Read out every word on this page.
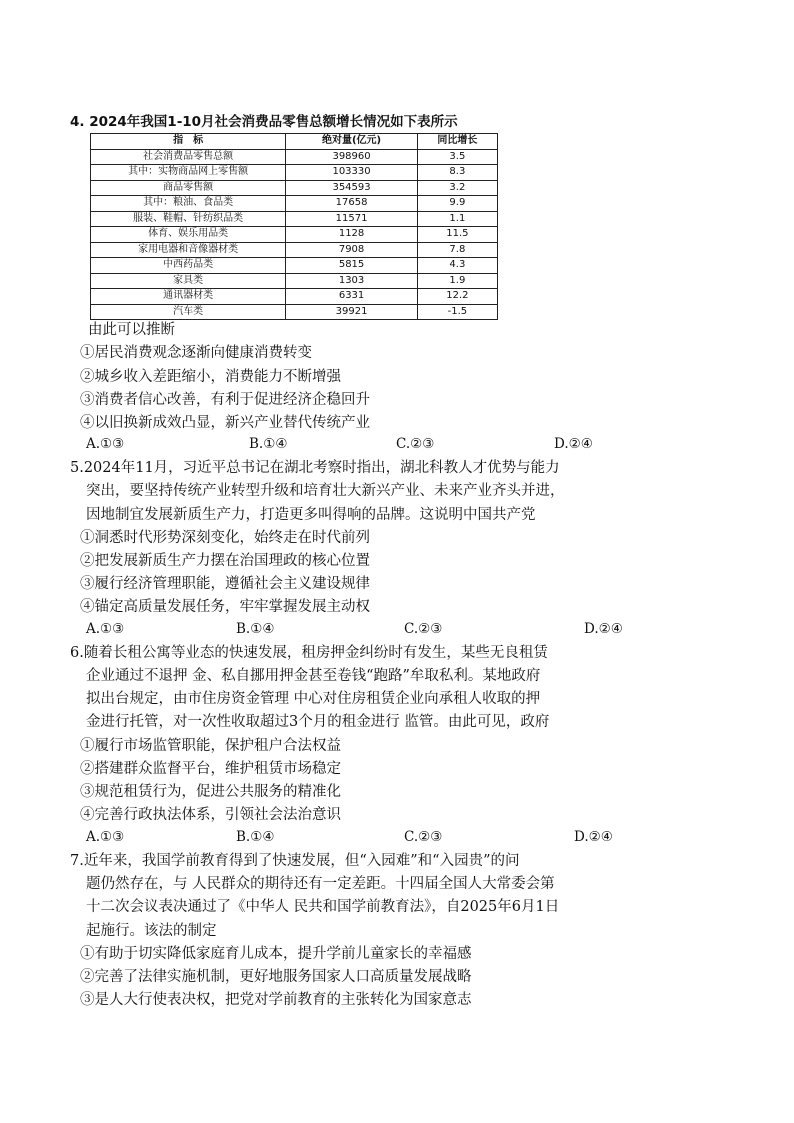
4. 2024年我国1-10月社会消费品零售总额增长情况如下表所示
指　标	绝对量(亿元)	同比增长
社会消费品零售总额	398960	3.5
其中：实物商品网上零售额	103330	8.3
商品零售额	354593	3.2
其中：粮油、食品类	17658	9.9
服装、鞋帽、针纺织品类	11571	1.1
体育、娱乐用品类	1128	11.5
家用电器和音像器材类	7908	7.8
中西药品类	5815	4.3
家具类	1303	1.9
通讯器材类	6331	12.2
汽车类	39921	-1.5
由此可以推断
①居民消费观念逐渐向健康消费转变
②城乡收入差距缩小，消费能力不断增强
③消费者信心改善，有利于促进经济企稳回升
④以旧换新成效凸显，新兴产业替代传统产业
A.①③	B.①④	C.②③	D.②④
5.2024年11月，习近平总书记在湖北考察时指出，湖北科教人才优势与能力
突出，要坚持传统产业转型升级和培育壮大新兴产业、未来产业齐头并进，
因地制宜发展新质生产力，打造更多叫得响的品牌。这说明中国共产党
①洞悉时代形势深刻变化，始终走在时代前列
②把发展新质生产力摆在治国理政的核心位置
③履行经济管理职能，遵循社会主义建设规律
④锚定高质量发展任务，牢牢掌握发展主动权
A.①③	B.①④	C.②③	D.②④
6.随着长租公寓等业态的快速发展，租房押金纠纷时有发生，某些无良租赁
企业通过不退押 金、私自挪用押金甚至卷钱“跑路”牟取私利。某地政府
拟出台规定，由市住房资金管理 中心对住房租赁企业向承租人收取的押
金进行托管，对一次性收取超过3个月的租金进行 监管。由此可见，政府
①履行市场监管职能，保护租户合法权益
②搭建群众监督平台，维护租赁市场稳定
③规范租赁行为，促进公共服务的精准化
④完善行政执法体系，引领社会法治意识
A.①③	B.①④	C.②③	D.②④
7.近年来，我国学前教育得到了快速发展，但“入园难”和“入园贵”的问
题仍然存在，与 人民群众的期待还有一定差距。十四届全国人大常委会第
十二次会议表决通过了《中华人 民共和国学前教育法》，自2025年6月1日
起施行。该法的制定
①有助于切实降低家庭育儿成本，提升学前儿童家长的幸福感
②完善了法律实施机制，更好地服务国家人口高质量发展战略
③是人大行使表决权，把党对学前教育的主张转化为国家意志
